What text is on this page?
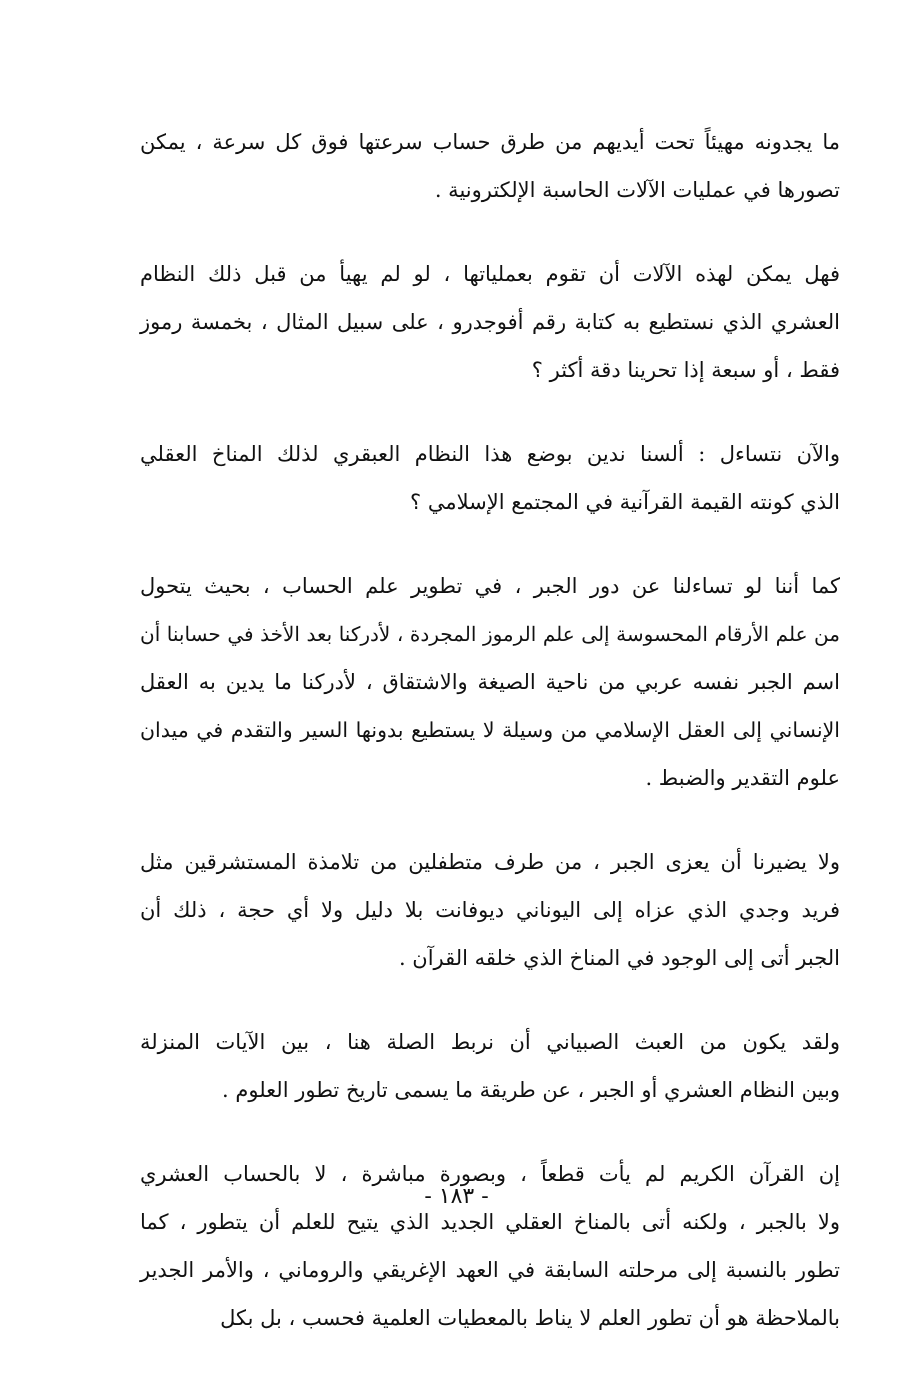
ما يجدونه مهيئاً تحت أيديهم من طرق حساب سرعتها فوق كل سرعة ، يمكن
تصورها في عمليات الآلات الحاسبة الإلكترونية .

فهل يمكن لهذه الآلات أن تقوم بعملياتها ، لو لم يهيأ من قبل ذلك النظام
العشري الذي نستطيع به كتابة رقم أفوجدرو ، على سبيل المثال ، بخمسة رموز
فقط ، أو سبعة إذا تحرينا دقة أكثر ؟

والآن نتساءل : ألسنا ندين بوضع هذا النظام العبقري لذلك المناخ العقلي
الذي كونته القيمة القرآنية في المجتمع الإسلامي ؟

كما أننا لو تساءلنا عن دور الجبر ، في تطوير علم الحساب ، بحيث يتحول
من علم الأرقام المحسوسة إلى علم الرموز المجردة ، لأدركنا بعد الأخذ في حسابنا أن
اسم الجبر نفسه عربي من ناحية الصيغة والاشتقاق ، لأدركنا ما يدين به العقل
الإنساني إلى العقل الإسلامي من وسيلة لا يستطيع بدونها السير والتقدم في ميدان
علوم التقدير والضبط .

ولا يضيرنا أن يعزى الجبر ، من طرف متطفلين من تلامذة المستشرقين مثل
فريد وجدي الذي عزاه إلى اليوناني ديوفانت بلا دليل ولا أي حجة ، ذلك أن
الجبر أتى إلى الوجود في المناخ الذي خلقه القرآن .

ولقد يكون من العبث الصبياني أن نربط الصلة هنا ، بين الآيات المنزلة
وبين النظام العشري أو الجبر ، عن طريقة ما يسمى تاريخ تطور العلوم .

إن القرآن الكريم لم يأت قطعاً ، وبصورة مباشرة ، لا بالحساب العشري
ولا بالجبر ، ولكنه أتى بالمناخ العقلي الجديد الذي يتيح للعلم أن يتطور ، كما
تطور بالنسبة إلى مرحلته السابقة في العهد الإغريقي والروماني ، والأمر الجدير
بالملاحظة هو أن تطور العلم لا يناط بالمعطيات العلمية فحسب ، بل بكل

- ١٨٣ -
